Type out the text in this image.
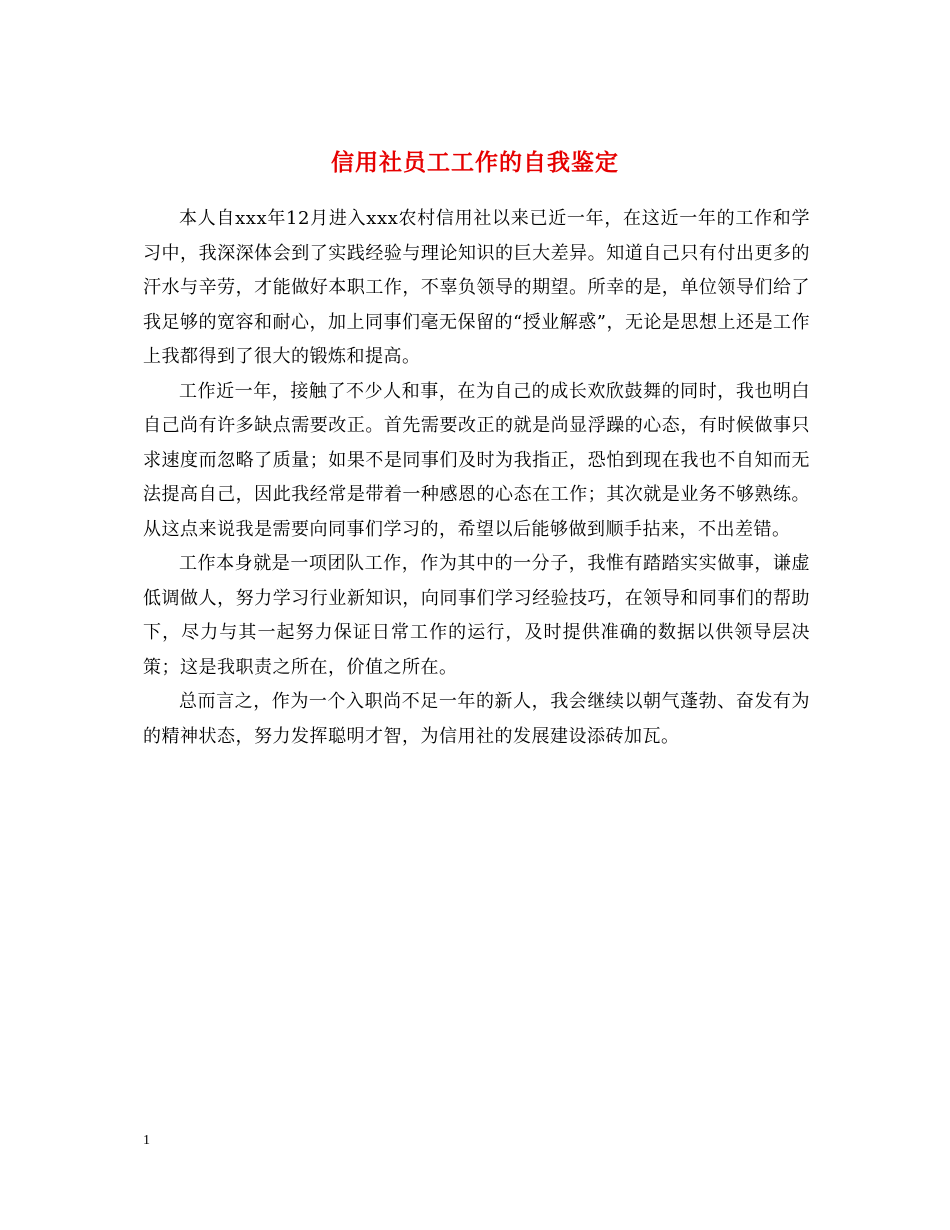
信用社员工工作的自我鉴定

本人自xxx年12月进入xxx农村信用社以来已近一年，在这近一年的工作和学习中，我深深体会到了实践经验与理论知识的巨大差异。知道自己只有付出更多的汗水与辛劳，才能做好本职工作，不辜负领导的期望。所幸的是，单位领导们给了我足够的宽容和耐心，加上同事们毫无保留的“授业解惑”，无论是思想上还是工作上我都得到了很大的锻炼和提高。

工作近一年，接触了不少人和事，在为自己的成长欢欣鼓舞的同时，我也明白自己尚有许多缺点需要改正。首先需要改正的就是尚显浮躁的心态，有时候做事只求速度而忽略了质量；如果不是同事们及时为我指正，恐怕到现在我也不自知而无法提高自己，因此我经常是带着一种感恩的心态在工作；其次就是业务不够熟练。从这点来说我是需要向同事们学习的，希望以后能够做到顺手拈来，不出差错。

工作本身就是一项团队工作，作为其中的一分子，我惟有踏踏实实做事，谦虚低调做人，努力学习行业新知识，向同事们学习经验技巧，在领导和同事们的帮助下，尽力与其一起努力保证日常工作的运行，及时提供准确的数据以供领导层决策；这是我职责之所在，价值之所在。

总而言之，作为一个入职尚不足一年的新人，我会继续以朝气蓬勃、奋发有为的精神状态，努力发挥聪明才智，为信用社的发展建设添砖加瓦。

1
